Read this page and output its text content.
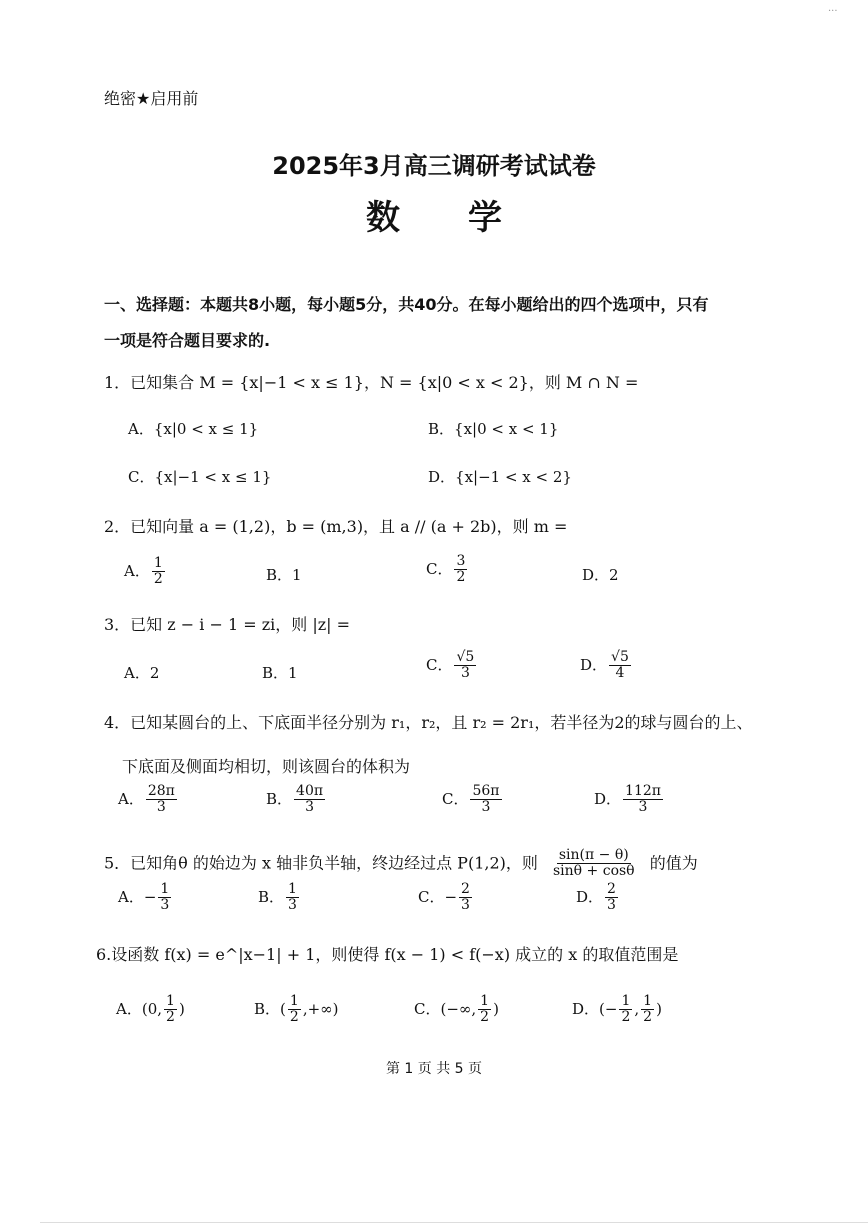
···
绝密★启用前
2025年3月高三调研考试试卷
数　　学
一、选择题：本题共8小题，每小题5分，共40分。在每小题给出的四个选项中，只有
一项是符合题目要求的.
1．已知集合 M = {x|−1 < x ≤ 1}，N = {x|0 < x < 2}，则 M ∩ N =
A．{x|0 < x ≤ 1}	B．{x|0 < x < 1}
C．{x|−1 < x ≤ 1}	D．{x|−1 < x < 2}
2．已知向量 a = (1,2)，b = (m,3)，且 a // (a + 2b)，则 m =
A． $\frac{1}{2}$	B．1	C． $\frac{3}{2}$	D．2
3．已知 z − i − 1 = zi，则 |z| =
A．2	B．1	C． $\frac{√5}{3}$	D． $\frac{√5}{4}$
4．已知某圆台的上、下底面半径分别为 r₁，r₂，且 r₂ = 2r₁，若半径为2的球与圆台的上、
下底面及侧面均相切，则该圆台的体积为
A． $\frac{28\pi}{3}$	B． $\frac{40\pi}{3}$	C． $\frac{56\pi}{3}$	D． $\frac{112\pi}{3}$
5．已知角θ 的始边为 x 轴非负半轴，终边经过点 P(1,2)，则 $\frac{\sin(\pi - \theta)}{\sin\theta + \cos\theta}$ 的值为
A．− $\frac{1}{3}$	B． $\frac{1}{3}$	C．− $\frac{2}{3}$	D． $\frac{2}{3}$
6.设函数 f(x) = e^|x−1| + 1，则使得 f(x − 1) < f(−x) 成立的 x 的取值范围是
A．(0, $\frac{1}{2}$ )	B．( $\frac{1}{2}$ ,+∞)	C．(−∞, $\frac{1}{2}$ )	D．(− $\frac{1}{2}$ , $\frac{1}{2}$ )
第 1 页 共 5 页
